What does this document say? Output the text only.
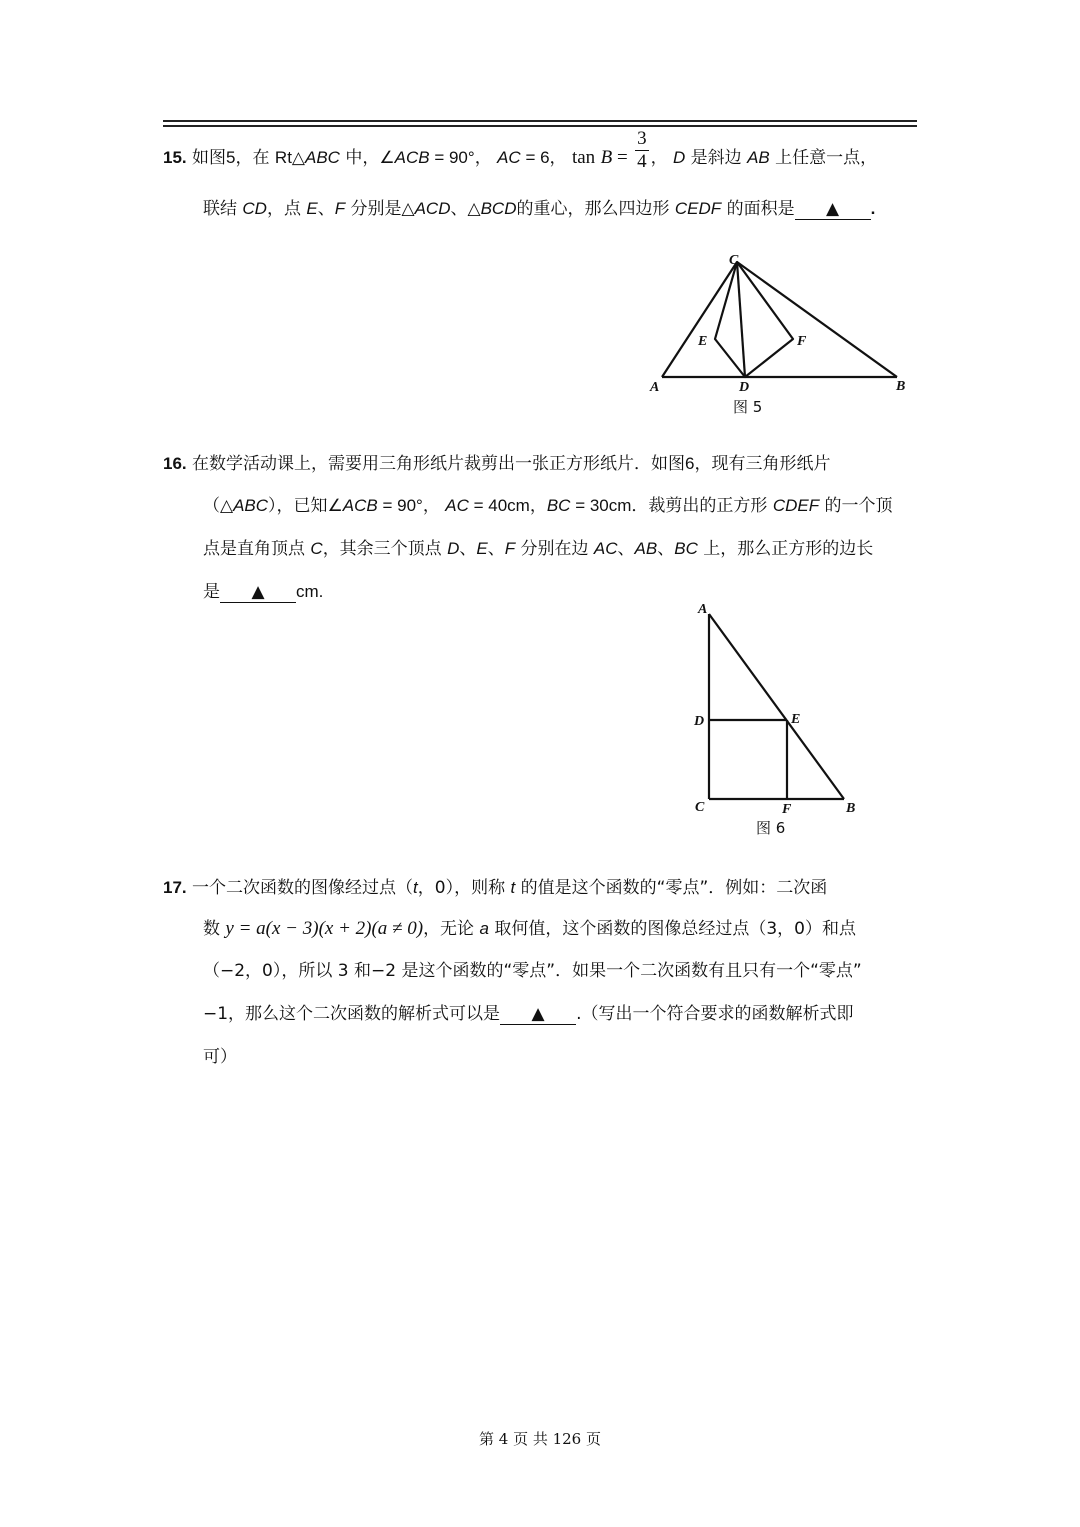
15. 如图5，在 Rt△ABC 中，∠ACB = 90°， AC = 6， $\tan B = \frac{3}{4}$ ， D 是斜边 AB 上任意一点，
联结 CD，点 E、F 分别是△ACD、△BCD的重心，那么四边形 CEDF 的面积是 ▲ .
C
E	F
A	D	B
图 5
16. 在数学活动课上，需要用三角形纸片裁剪出一张正方形纸片．如图6，现有三角形纸片
（△ABC），已知∠ACB = 90°， AC = 40cm，BC = 30cm．裁剪出的正方形 CDEF 的一个顶
点是直角顶点 C，其余三个顶点 D、E、F 分别在边 AC、AB、BC 上，那么正方形的边长
是 ▲ cm.
A
D	E
C	F	B
图 6
17. 一个二次函数的图像经过点（t，0），则称 t 的值是这个函数的“零点”．例如：二次函
数 y = a(x − 3)(x + 2)(a ≠ 0)，无论 a 取何值，这个函数的图像总经过点（3，0）和点
（−2，0），所以 3 和−2 是这个函数的“零点”．如果一个二次函数有且只有一个“零点”
−1，那么这个二次函数的解析式可以是 ▲ .（写出一个符合要求的函数解析式即
可）
第 4 页 共 126 页
